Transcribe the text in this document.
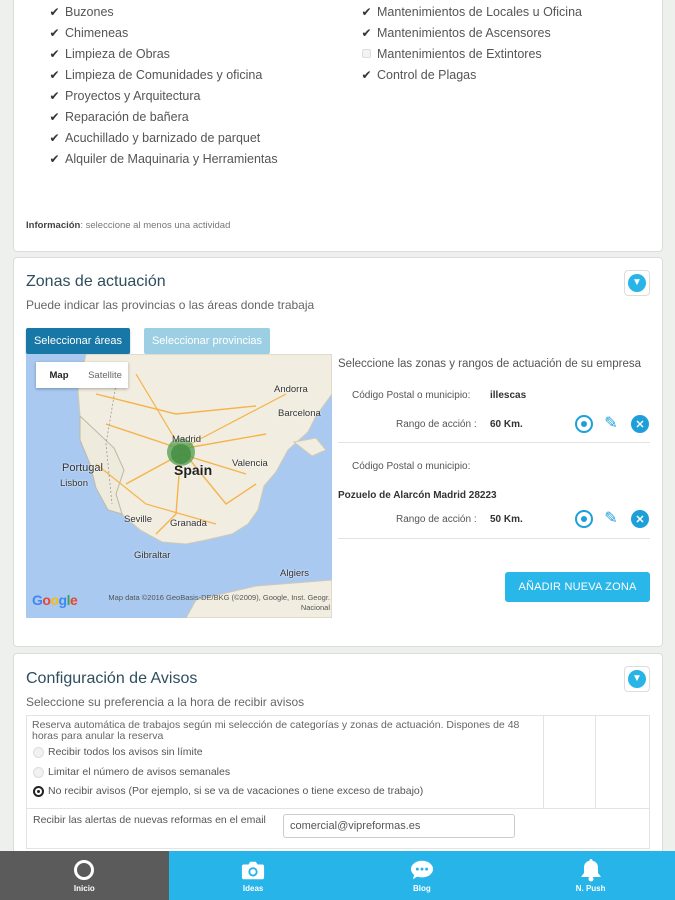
✔ Buzones
✔ Chimeneas
✔ Limpieza de Obras
✔ Limpieza de Comunidades y oficina
✔ Proyectos y Arquitectura
✔ Reparación de bañera
✔ Acuchillado y barnizado de parquet
✔ Alquiler de Maquinaria y Herramientas
✔ Mantenimientos de Locales u Oficina
✔ Mantenimientos de Ascensores
Mantenimientos de Extintores
✔ Control de Plagas
Información: seleccione al menos una actividad
Zonas de actuación
Puede indicar las provincias o las áreas donde trabaja
▼
Seleccionar áreas	Seleccionar provincias
Map	Satellite
Andorra
Barcelona
Madrid
Spain Valencia
Portugal
Lisbon
Seville Granada
Gibraltar
Algiers
Google	Map data ©2016 GeoBasis-DE/BKG (©2009), Google, Inst. Geogr. Nacional
Seleccione las zonas y rangos de actuación de su empresa
Código Postal o municipio: illescas
Rango de acción : 60 Km.	✎	✕
Código Postal o municipio:
Pozuelo de Alarcón Madrid 28223
Rango de acción : 50 Km.	✎	✕
AÑADIR NUEVA ZONA
Configuración de Avisos
Seleccione su preferencia a la hora de recibir avisos
▼
Reserva automática de trabajos según mi selección de categorías y zonas de actuación. Dispones de 48 horas para anular la reserva
Recibir todos los avisos sin límite
Limitar el número de avisos semanales
No recibir avisos (Por ejemplo, si se va de vacaciones o tiene exceso de trabajo)
Recibir las alertas de nuevas reformas en el email	comercial@vipreformas.es
Inicio	Ideas	Blog	N. Push
